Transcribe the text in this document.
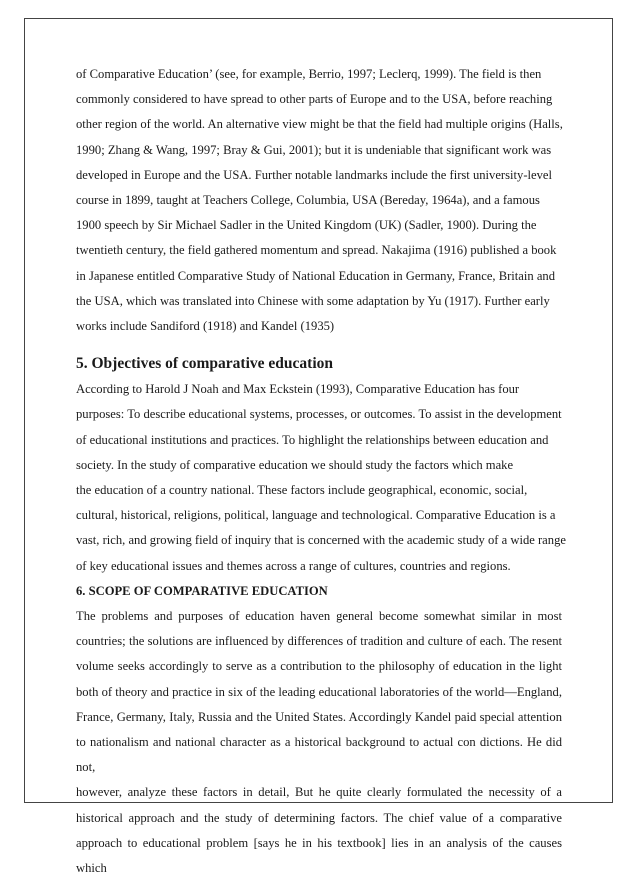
of Comparative Education’ (see, for example, Berrio, 1997; Leclerq, 1999). The field is then
commonly considered to have spread to other parts of Europe and to the USA, before reaching
other region of the world. An alternative view might be that the field had multiple origins (Halls,
1990; Zhang & Wang, 1997; Bray & Gui, 2001); but it is undeniable that significant work was
developed in Europe and the USA. Further notable landmarks include the first university-level
course in 1899, taught at Teachers College, Columbia, USA (Bereday, 1964a), and a famous
1900 speech by Sir Michael Sadler in the United Kingdom (UK) (Sadler, 1900). During the
twentieth century, the field gathered momentum and spread. Nakajima (1916) published a book
in Japanese entitled Comparative Study of National Education in Germany, France, Britain and
the USA, which was translated into Chinese with some adaptation by Yu (1917). Further early
works include Sandiford (1918) and Kandel (1935)
5. Objectives of comparative education
According to Harold J Noah and Max Eckstein (1993), Comparative Education has four
purposes: To describe educational systems, processes, or outcomes. To assist in the development
of educational institutions and practices. To highlight the relationships between education and
society. In the study of comparative education we should study the factors which make
the education of a country national. These factors include geographical, economic, social,
cultural, historical, religions, political, language and technological. Comparative Education is a
vast, rich, and growing field of inquiry that is concerned with the academic study of a wide range
of key educational issues and themes across a range of cultures, countries and regions.
6. SCOPE OF COMPARATIVE EDUCATION
The problems and purposes of education haven general become somewhat similar in most
countries; the solutions are influenced by differences of tradition and culture of each. The resent
volume seeks accordingly to serve as a contribution to the philosophy of education in the light
both of theory and practice in six of the leading educational laboratories of the world—England,
France, Germany, Italy, Russia and the United States. Accordingly Kandel paid special attention
to nationalism and national character as a historical background to actual con dictions. He did not,
however, analyze these factors in detail, But he quite clearly formulated the necessity of a
historical approach and the study of determining factors. The chief value of a comparative
approach to educational problem [says he in his textbook] lies in an analysis of the causes which
